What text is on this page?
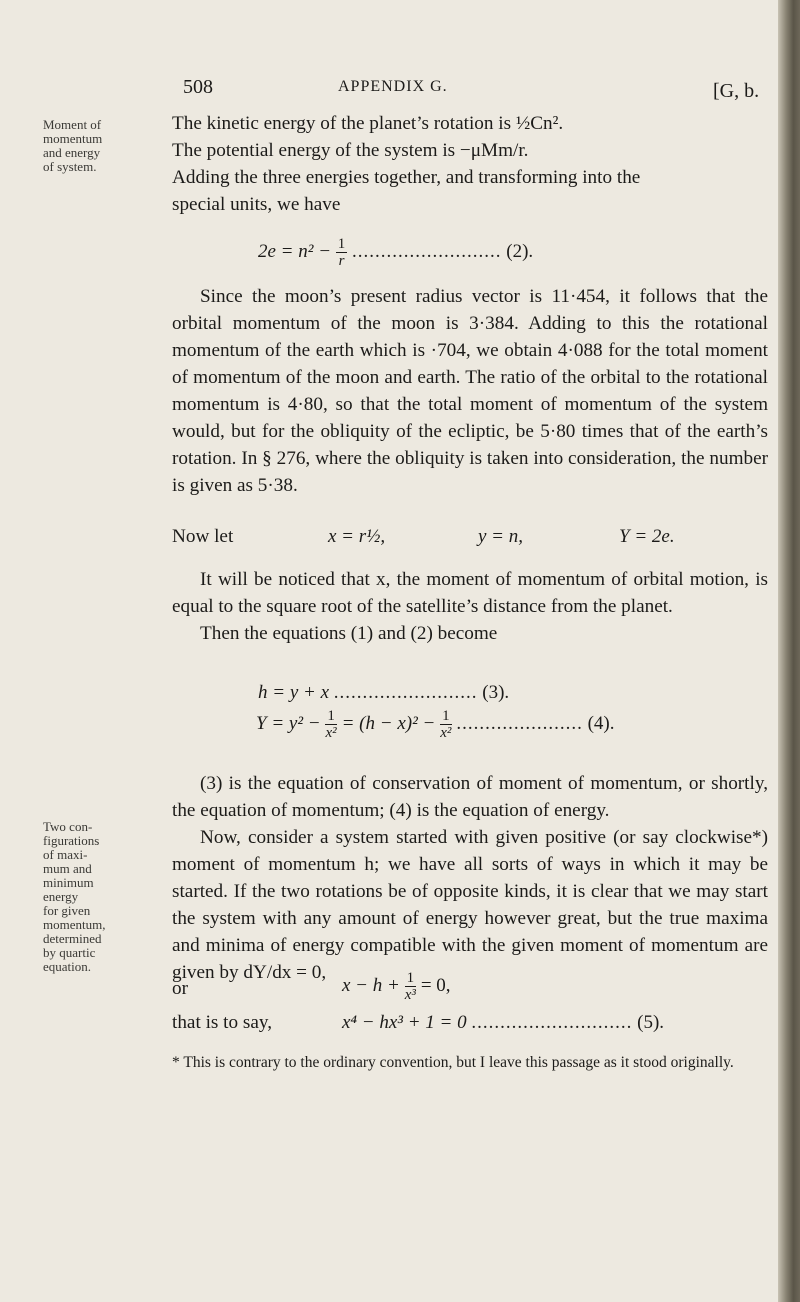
508	APPENDIX G.	[G, b.
Moment of
momentum
and energy
of system.
Two con-
figurations
of maxi-
mum and
minimum
energy
for given
momentum,
determined
by quartic
equation.
The kinetic energy of the planet’s rotation is ½Cn².
The potential energy of the system is −μMm/r.
Adding the three energies together, and transforming into the
special units, we have
$2e = n^2 - \frac{1}{r}$ .......................... (2).

Since the moon’s present radius vector is 11·454, it follows that the orbital momentum of the moon is 3·384. Adding to this the rotational momentum of the earth which is ·704, we obtain 4·088 for the total moment of momentum of the moon and earth. The ratio of the orbital to the rotational momentum is 4·80, so that the total moment of momentum of the system would, but for the obliquity of the ecliptic, be 5·80 times that of the earth’s rotation. In § 276, where the obliquity is taken into consideration, the number is given as 5·38.

Now let	x = r½,	y = n,	Y = 2e.

It will be noticed that x, the moment of momentum of orbital motion, is equal to the square root of the satellite’s distance from the planet.

Then the equations (1) and (2) become

h = y + x ......................... (3).
$Y = y^2 - \frac{1}{\text{x²}} = (h - x)^2 - \frac{1}{\text{x²}}$ ...................... (4).

(3) is the equation of conservation of moment of momentum, or shortly, the equation of momentum; (4) is the equation of energy.

Now, consider a system started with given positive (or say clockwise*) moment of momentum h; we have all sorts of ways in which it may be started. If the two rotations be of opposite kinds, it is clear that we may start the system with any amount of energy however great, but the true maxima and minima of energy compatible with the given moment of momentum are given by dY/dx = 0,

or	$x - h + \frac{1}{\text{x³}} = 0$,
that is to say,	x⁴ − hx³ + 1 = 0 ............................ (5).
* This is contrary to the ordinary convention, but I leave this passage as it stood originally.
